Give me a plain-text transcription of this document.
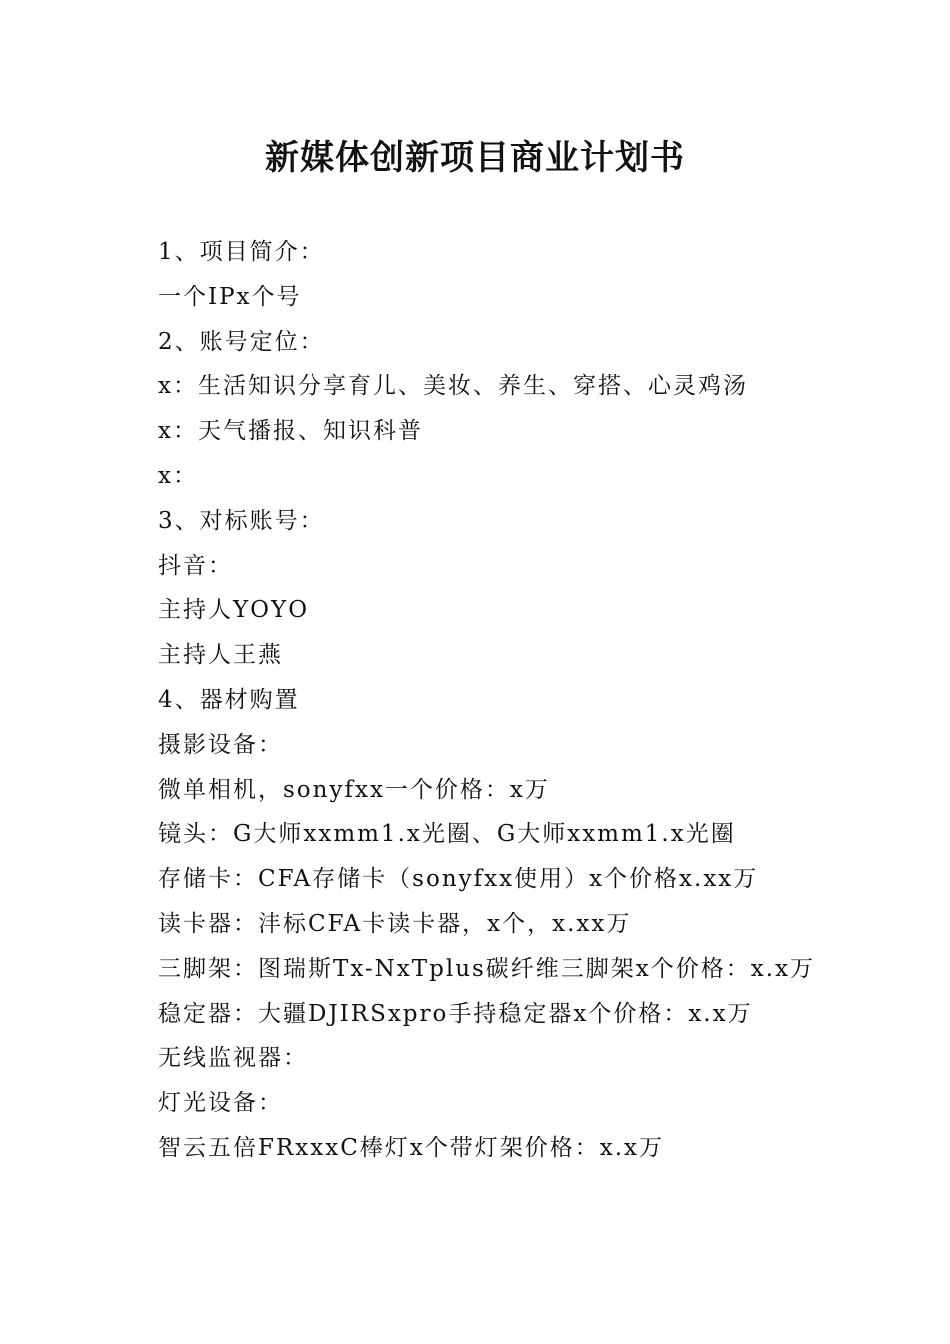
新媒体创新项目商业计划书
1、项目简介：
一个IPx个号
2、账号定位：
x：生活知识分享育儿、美妆、养生、穿搭、心灵鸡汤
x：天气播报、知识科普
x：
3、对标账号：
抖音：
主持人YOYO
主持人王燕
4、器材购置
摄影设备：
微单相机，sonyfxx一个价格：x万
镜头：G大师xxmm1.x光圈、G大师xxmm1.x光圈
存储卡：CFA存储卡（sonyfxx使用）x个价格x.xx万
读卡器：沣标CFA卡读卡器，x个，x.xx万
三脚架：图瑞斯Tx-NxTplus碳纤维三脚架x个价格：x.x万
稳定器：大疆DJIRSxpro手持稳定器x个价格：x.x万
无线监视器：
灯光设备：
智云五倍FRxxxC棒灯x个带灯架价格：x.x万
